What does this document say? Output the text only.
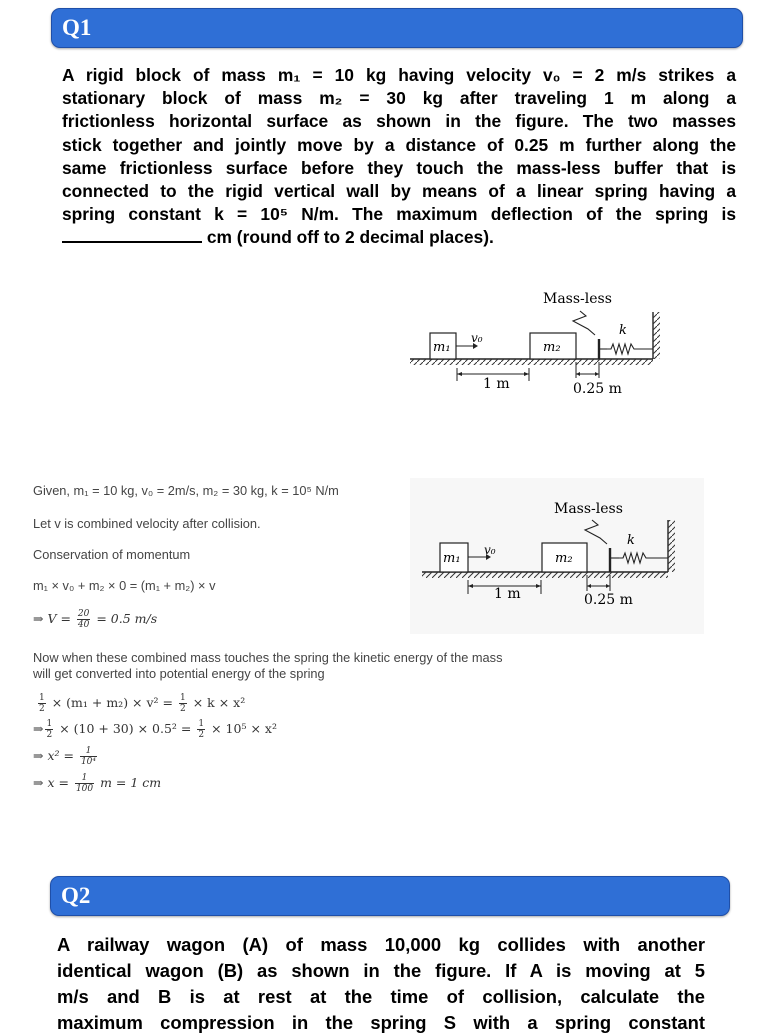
Q1
A rigid block of mass m₁ = 10 kg having velocity v₀ = 2 m/s strikes a
stationary block of mass m₂ = 30 kg after traveling 1 m along a
frictionless horizontal surface as shown in the figure. The two masses
stick together and jointly move by a distance of 0.25 m further along the
same frictionless surface before they touch the mass-less buffer that is
connected to the rigid vertical wall by means of a linear spring having a
spring constant k = 10⁵ N/m. The maximum deflection of the spring is
cm (round off to 2 decimal places).
m₁
v₀
m₂
k
Mass-less
1 m	0.25 m
Given, m₁ = 10 kg, v₀ = 2m/s, m₂ = 30 kg, k = 10⁵ N/m
Let v is combined velocity after collision.
Conservation of momentum
m₁ × v₀ + m₂ × 0 = (m₁ + m₂) × v
⇒ $V = \frac{20}{40} = 0.5$ m/s
Now when these combined mass touches the spring the kinetic energy of the mass
will get converted into potential energy of the spring
$\frac{1}{2} \times (m_1 + m_2) \times v^2 = \frac{1}{2} \times k \times x^2$
⇒ $\frac{1}{2} \times (10 + 30) \times 0.5^2 = \frac{1}{2} \times 10^5 \times x^2$
⇒ $x^2 = \frac{1}{\text{10⁴}}$
⇒ $x = \frac{1}{100}$ m = 1 cm
m₁
v₀
m₂
k
Mass-less
1 m	0.25 m
Q2
A railway wagon (A) of mass 10,000 kg collides with another
identical wagon (B) as shown in the figure. If A is moving at 5
m/s and B is at rest at the time of collision, calculate the
maximum compression in the spring S with a spring constant
